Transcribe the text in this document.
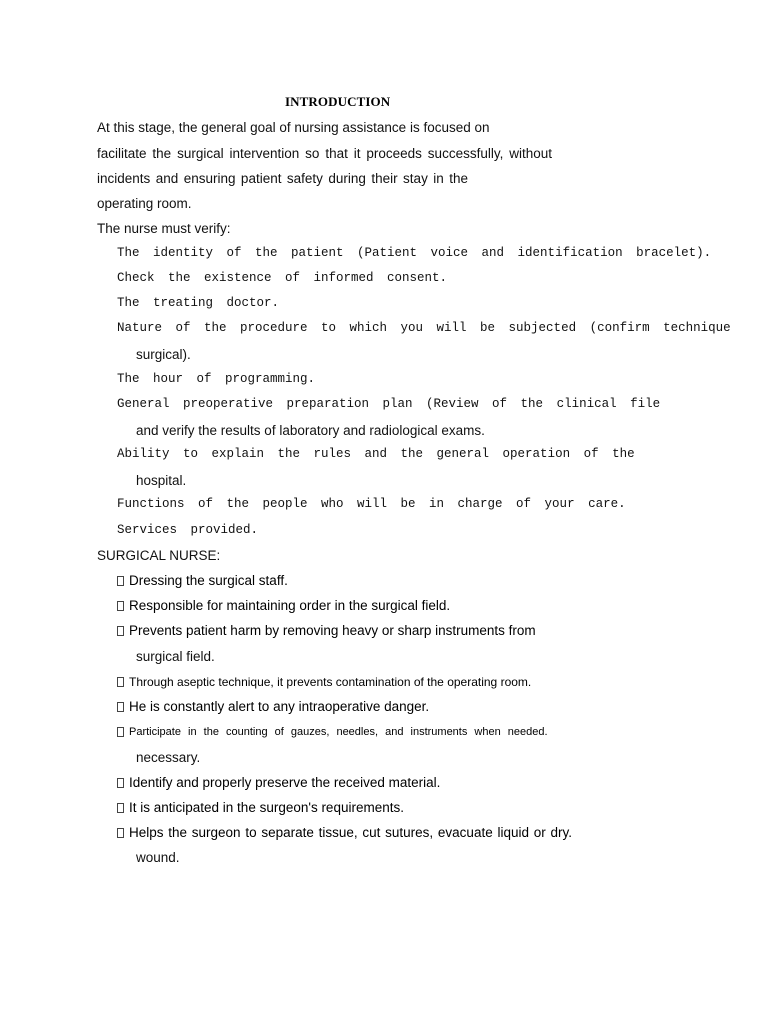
INTRODUCTION
At this stage, the general goal of nursing assistance is focused on
facilitate the surgical intervention so that it proceeds successfully, without
incidents and ensuring patient safety during their stay in the
operating room.
The nurse must verify:
The identity of the patient (Patient voice and identification bracelet).
Check the existence of informed consent.
The treating doctor.
Nature of the procedure to which you will be subjected (confirm technique
surgical).
The hour of programming.
General preoperative preparation plan (Review of the clinical file
and verify the results of laboratory and radiological exams.
Ability to explain the rules and the general operation of the
hospital.
Functions of the people who will be in charge of your care.
Services provided.
SURGICAL NURSE:
Dressing the surgical staff.
Responsible for maintaining order in the surgical field.
Prevents patient harm by removing heavy or sharp instruments from
surgical field.
Through aseptic technique, it prevents contamination of the operating room.
He is constantly alert to any intraoperative danger.
Participate in the counting of gauzes, needles, and instruments when needed.
necessary.
Identify and properly preserve the received material.
It is anticipated in the surgeon's requirements.
Helps the surgeon to separate tissue, cut sutures, evacuate liquid or dry.
wound.
